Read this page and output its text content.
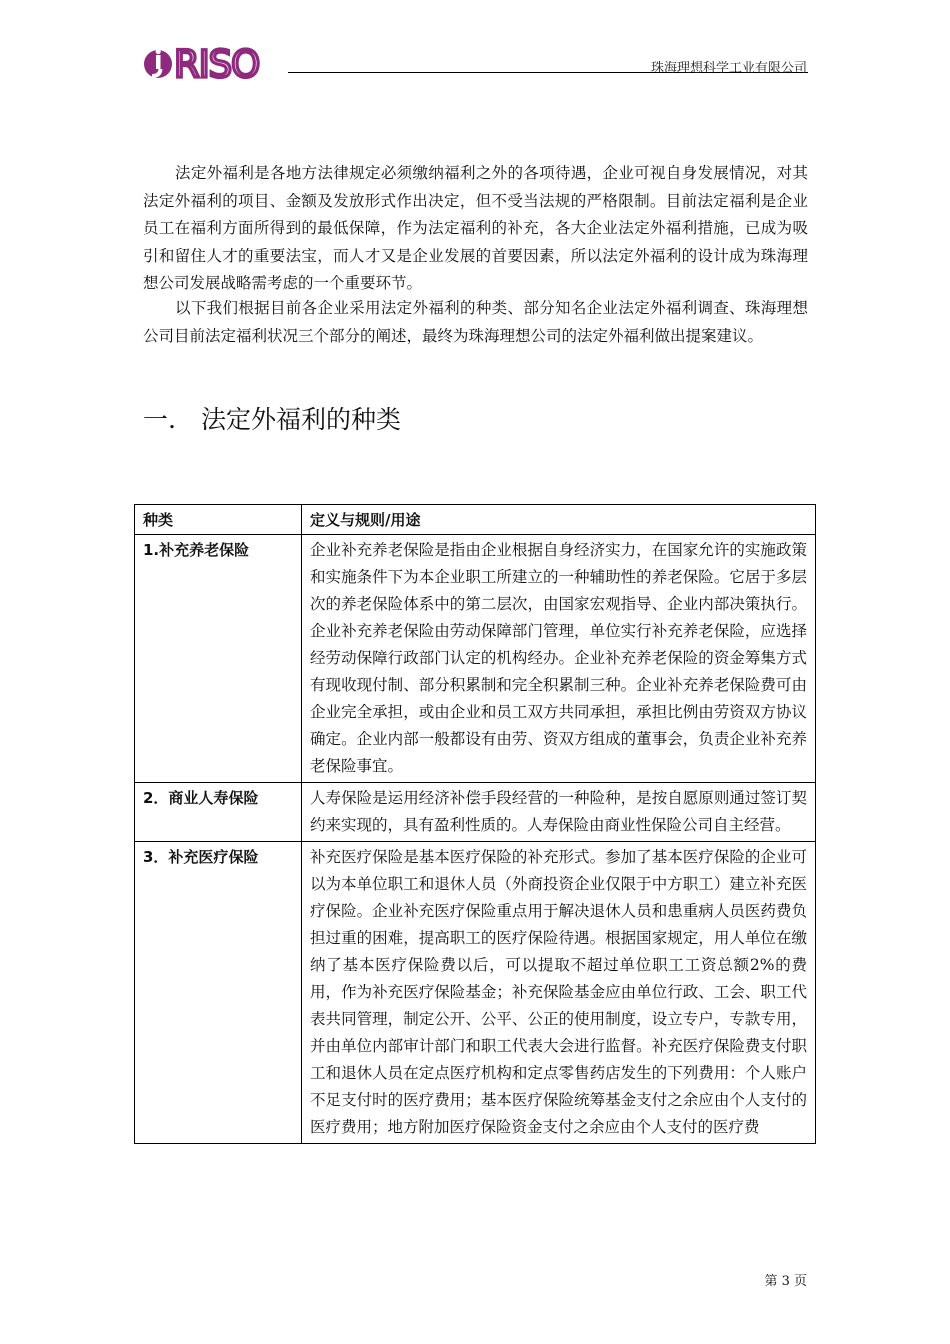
RISO	珠海理想科学工业有限公司

法定外福利是各地方法律规定必须缴纳福利之外的各项待遇，企业可视自身发展情况，对其法定外福利的项目、金额及发放形式作出决定，但不受当法规的严格限制。目前法定福利是企业员工在福利方面所得到的最低保障，作为法定福利的补充，各大企业法定外福利措施，已成为吸引和留住人才的重要法宝，而人才又是企业发展的首要因素，所以法定外福利的设计成为珠海理想公司发展战略需考虑的一个重要环节。

以下我们根据目前各企业采用法定外福利的种类、部分知名企业法定外福利调查、珠海理想公司目前法定福利状况三个部分的阐述，最终为珠海理想公司的法定外福利做出提案建议。

一. 法定外福利的种类
种类	定义与规则/用途
1.补充养老保险	企业补充养老保险是指由企业根据自身经济实力，在国家允许的实施政策和实施条件下为本企业职工所建立的一种辅助性的养老保险。它居于多层次的养老保险体系中的第二层次，由国家宏观指导、企业内部决策执行。企业补充养老保险由劳动保障部门管理，单位实行补充养老保险，应选择经劳动保障行政部门认定的机构经办。企业补充养老保险的资金筹集方式有现收现付制、部分积累制和完全积累制三种。企业补充养老保险费可由企业完全承担，或由企业和员工双方共同承担，承担比例由劳资双方协议确定。企业内部一般都设有由劳、资双方组成的董事会，负责企业补充养老保险事宜。
2．商业人寿保险	人寿保险是运用经济补偿手段经营的一种险种，是按自愿原则通过签订契约来实现的，具有盈利性质的。人寿保险由商业性保险公司自主经营。
3．补充医疗保险	补充医疗保险是基本医疗保险的补充形式。参加了基本医疗保险的企业可以为本单位职工和退休人员（外商投资企业仅限于中方职工）建立补充医疗保险。企业补充医疗保险重点用于解决退休人员和患重病人员医药费负担过重的困难，提高职工的医疗保险待遇。根据国家规定，用人单位在缴纳了基本医疗保险费以后，可以提取不超过单位职工工资总额2%的费用，作为补充医疗保险基金；补充保险基金应由单位行政、工会、职工代表共同管理，制定公开、公平、公正的使用制度，设立专户，专款专用，并由单位内部审计部门和职工代表大会进行监督。补充医疗保险费支付职工和退休人员在定点医疗机构和定点零售药店发生的下列费用：个人账户不足支付时的医疗费用；基本医疗保险统筹基金支付之余应由个人支付的医疗费用；地方附加医疗保险资金支付之余应由个人支付的医疗费
第 3 页
